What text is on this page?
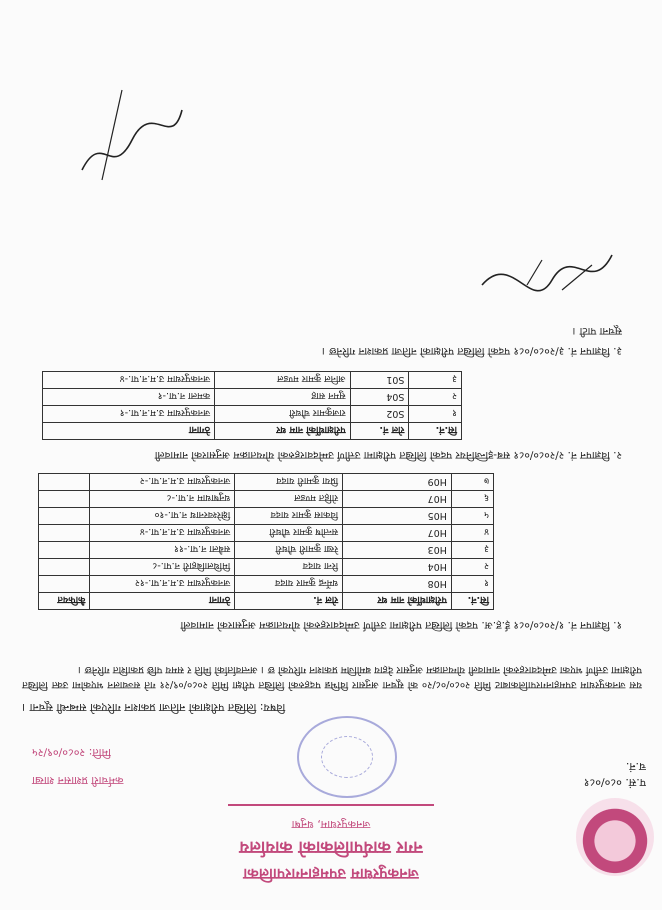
जनकपुरधाम उपमहानगरपालिका
नगर कार्यपालिकाको कार्यालय
जनकपुरधाम, धनुषा
प.सं. ०८०/०८१
च.नं.
कर्मचारी प्रशासन शाखा
मिति: २०८०/०९/२५
विषय: लिखित परीक्षाको नतिजा प्रकाशन गरिएको सम्बन्धी सूचना ।
यस जनकपुरधाम उपमहानगरपालिकाबाट मिति २०८०/०८/२० को सूचना अनुसार विभिन्न पदहरुको लिखित परीक्षा मिति २०८०/०९/२१ गते सञ्चालन भएकोमा उक्त लिखित परीक्षामा उत्तीर्ण भएका उम्मेदवारहरुको नामावली योग्यताक्रम अनुसार देहाय बमोजिम प्रकाशन गरिएको छ । अन्तर्वार्ताको मिति र समय पछि प्रकाशित गरिनेछ ।
१. विज्ञापन नं. १/२०८०/०८१ ई.ह.अ. पदको लिखित परीक्षामा उत्तीर्ण उम्मेदवारहरुको योग्यताक्रम अनुसारको नामावली
सि.नं.	परीक्षार्थीको नाम थर	रोल नं.	ठेगाना	कैफियत
१	H08	धर्मेन्द्र कुमार यादव	जनकपुरधाम उ.म.न.पा.-१२	
२	H04	रिना यादव	मिथिलाबिहारी न.पा.-८	
३	H03	रेखा कुमारी चौधरी	सबैला न.पा.-११	
४	H07	सन्तोष कुमार चौधरी	जनकपुरधाम उ.म.न.पा.-४	
५	H05	विकास कुमार यादव	क्षिरेश्वरनाथ न.पा.-१०	
६	H07	रोहित मण्डल	धनुषाधाम न.पा.-८	
७	H09	प्रिया कुमारी यादव	जनकपुरधाम उ.म.न.पा.-२	
२. विज्ञापन नं. २/२०८०/०८१ सब-इन्जिनियर पदको लिखित परीक्षामा उत्तीर्ण उम्मेदवारहरुको योग्यताक्रम अनुसारको नामावली
सि.नं.	रोल नं.	परीक्षार्थीको नाम थर	ठेगाना
१	S02	राजकुमार चौधरी	जनकपुरधाम उ.म.न.पा.-१
२	S04	सुमन साह	कमला न.पा.-१
३	S01	अनिल कुमार मण्डल	जनकपुरधाम उ.म.न.पा.-४
३. विज्ञापन नं. ३/२०८०/०८१ पदको लिखित परीक्षाको नतिजा प्रकाशन गरिनेछ ।
सूचना पाटी ।
